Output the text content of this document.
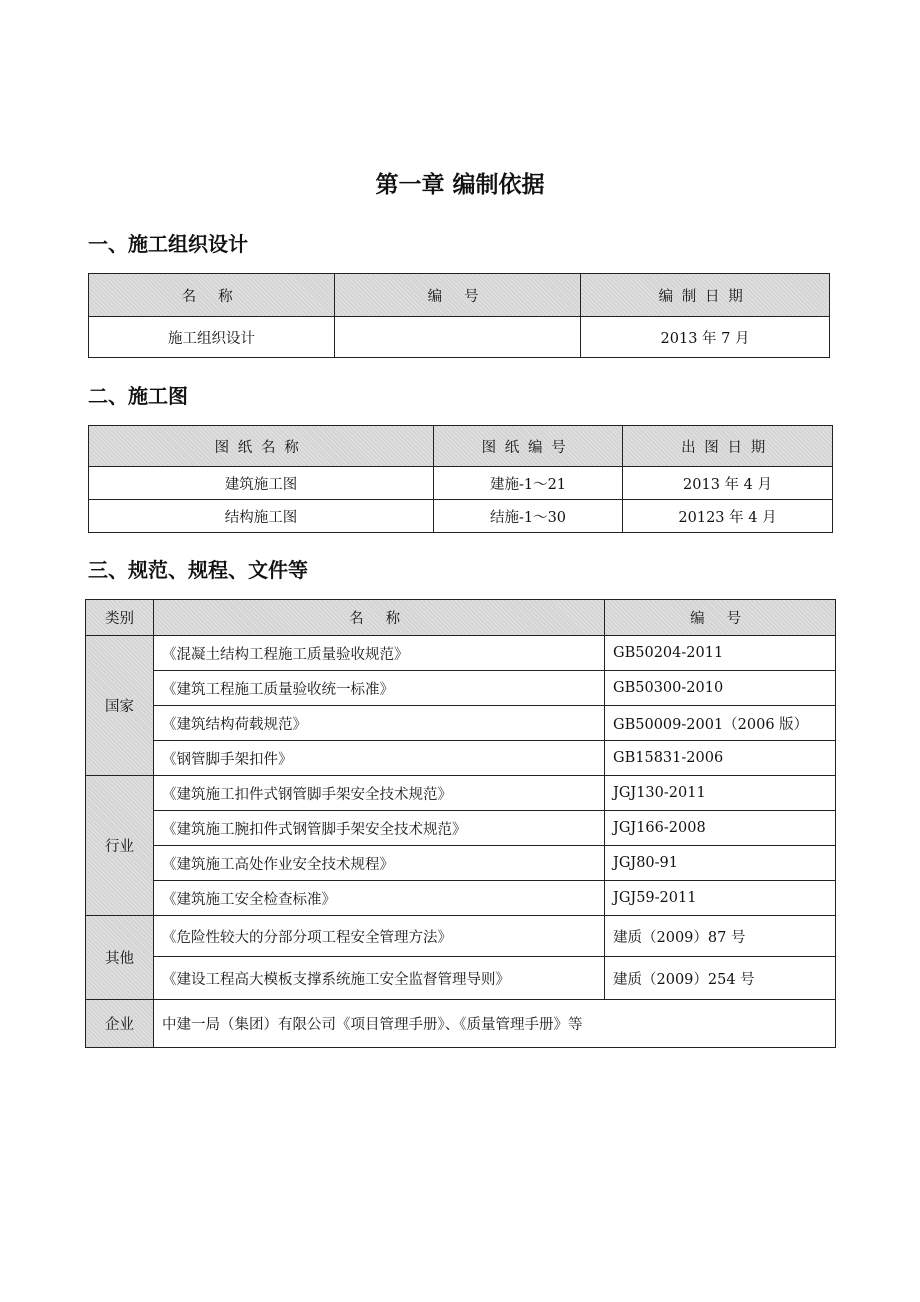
第一章 编制依据
一、施工组织设计
名 称	编 号	编制日期
施工组织设计		2013 年 7 月
二、施工图
图纸名称	图纸编号	出图日期
建筑施工图	建施-1～21	2013 年 4 月
结构施工图	结施-1～30	20123 年 4 月
三、规范、规程、文件等
类别	名 称	编 号
国家	《混凝土结构工程施工质量验收规范》	GB50204-2011
	《建筑工程施工质量验收统一标准》	GB50300-2010
	《建筑结构荷载规范》	GB50009-2001（2006 版）
	《钢管脚手架扣件》	GB15831-2006
行业	《建筑施工扣件式钢管脚手架安全技术规范》	JGJ130-2011
	《建筑施工腕扣件式钢管脚手架安全技术规范》	JGJ166-2008
	《建筑施工高处作业安全技术规程》	JGJ80-91
	《建筑施工安全检查标准》	JGJ59-2011
其他	《危险性较大的分部分项工程安全管理方法》	建质（2009）87 号
	《建设工程高大模板支撑系统施工安全监督管理导则》	建质（2009）254 号
企业	中建一局（集团）有限公司《项目管理手册》、《质量管理手册》等	
